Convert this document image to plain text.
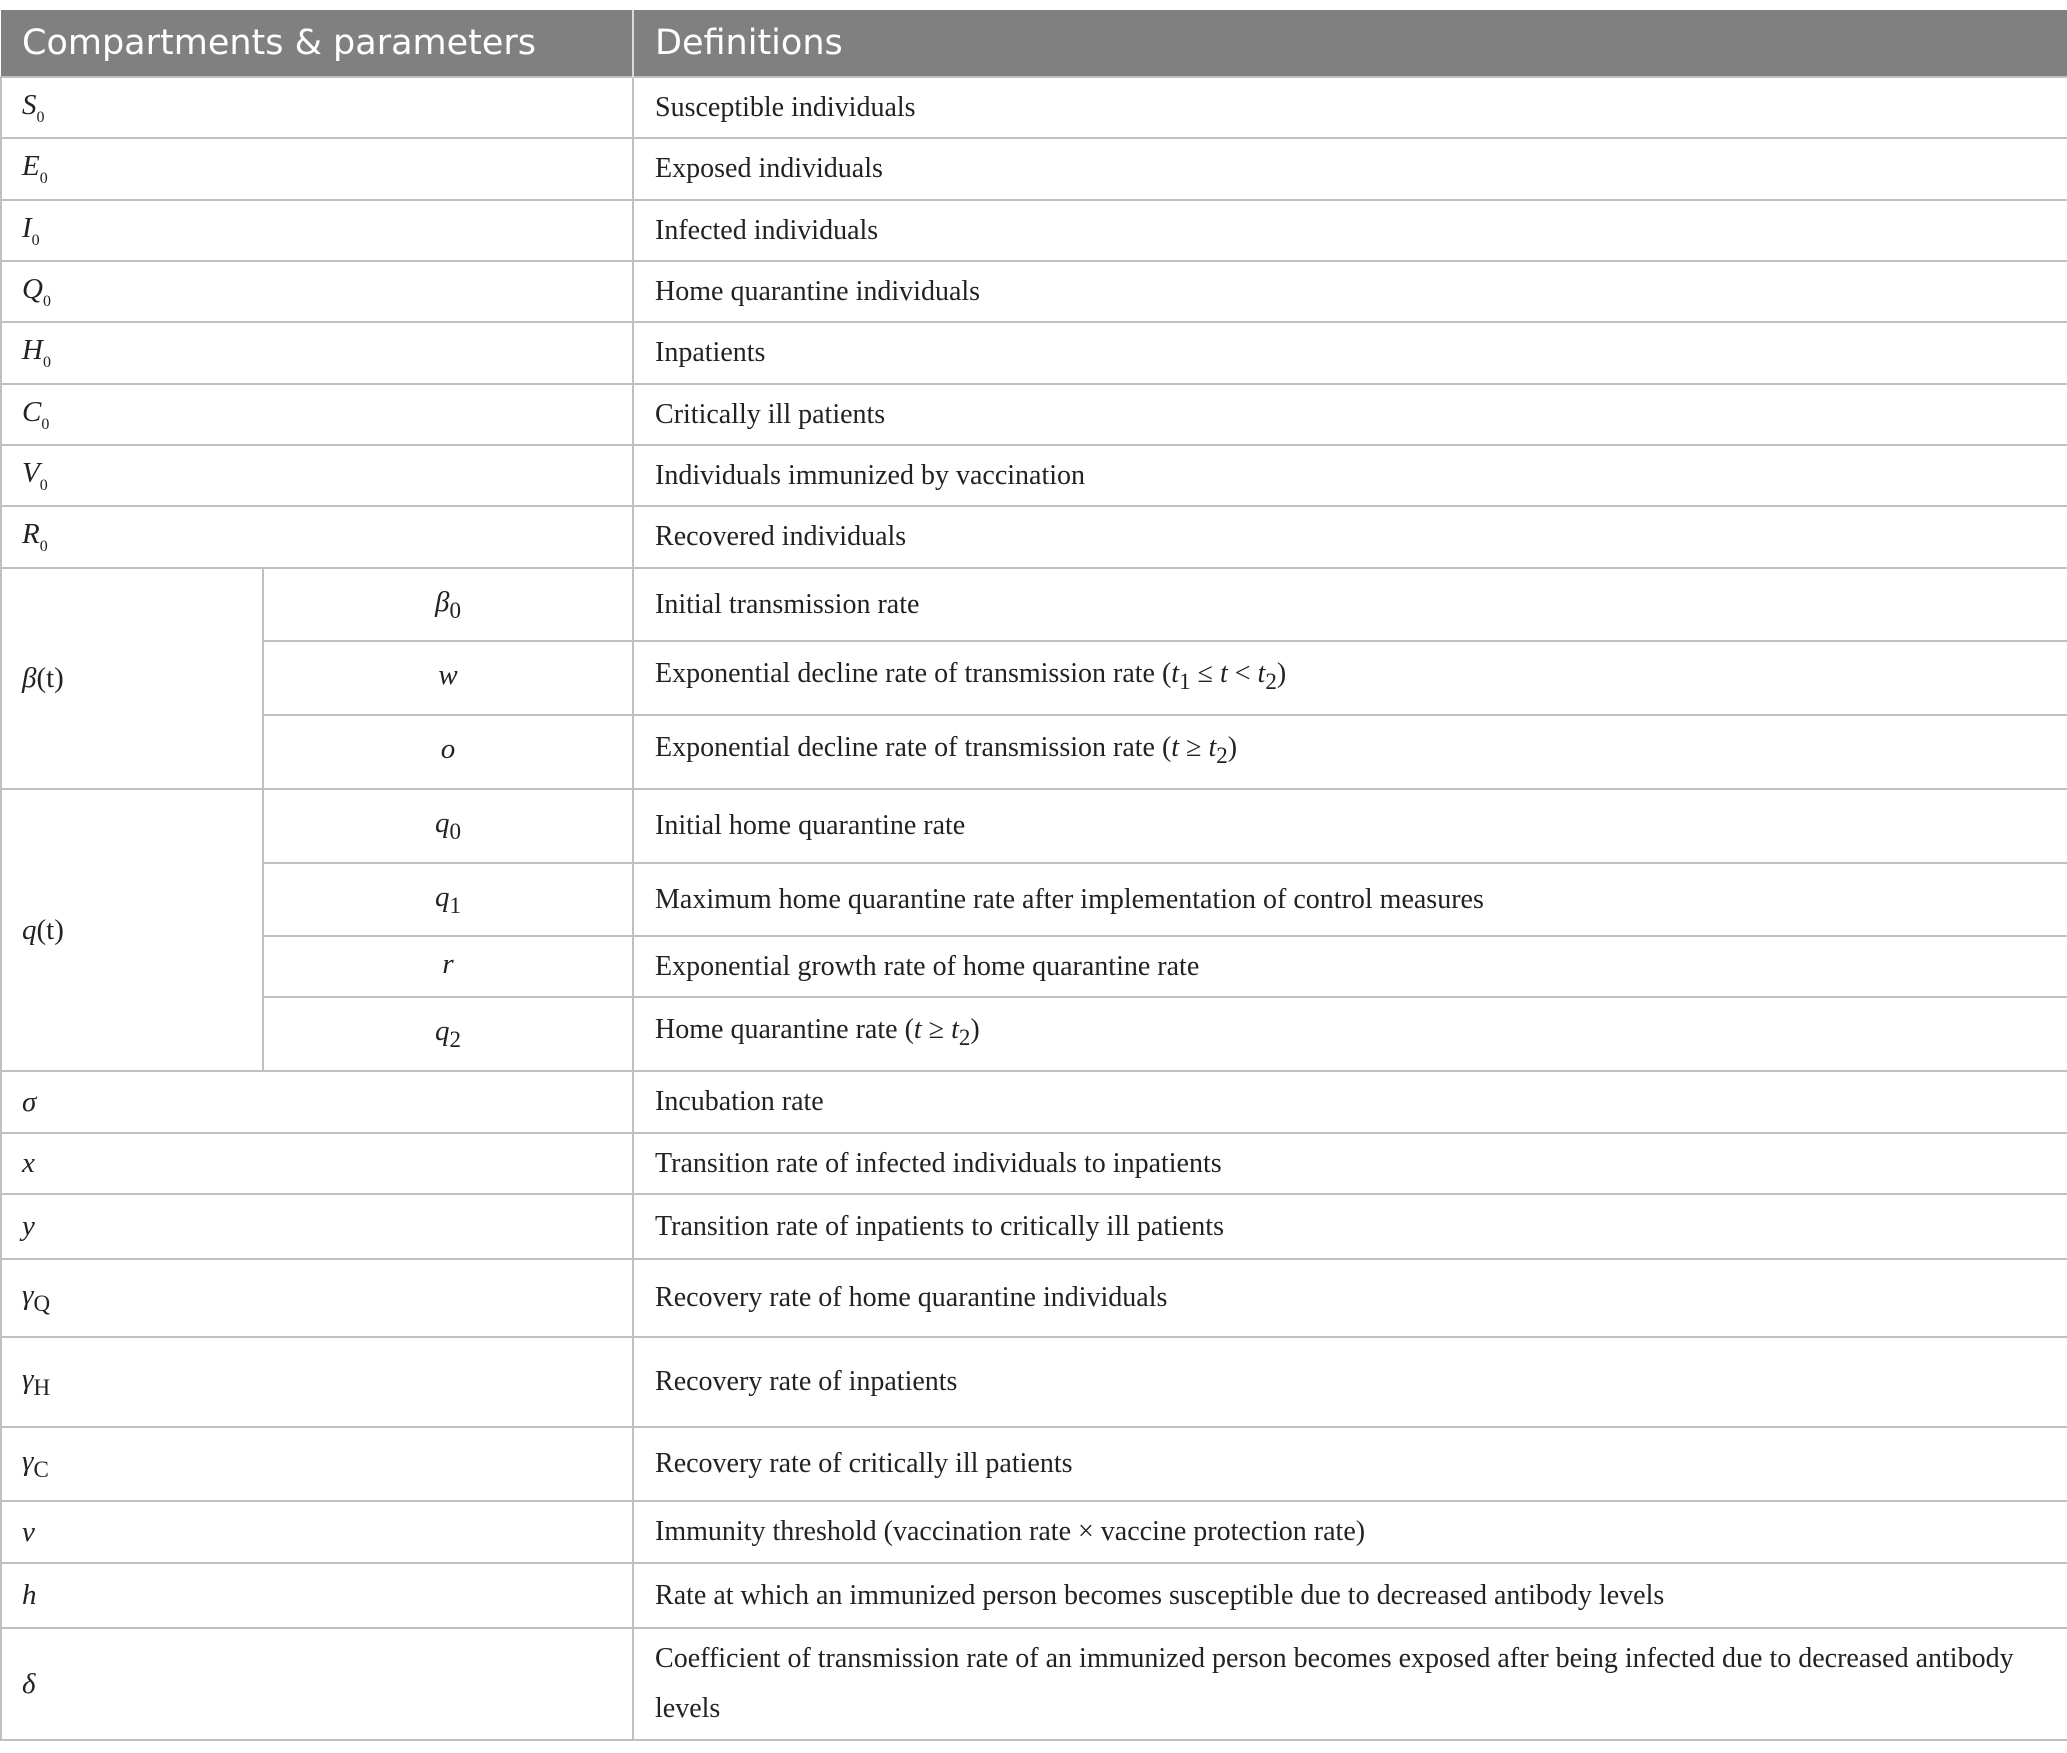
Compartments & parameters		Definitions
$S_0$		Susceptible individuals
$E_0$		Exposed individuals
$I_0$		Infected individuals
$Q_0$		Home quarantine individuals
$H_0$		Inpatients
$C_0$		Critically ill patients
$V_0$		Individuals immunized by vaccination
$R_0$		Recovered individuals
β(t)	$\beta_0$	Initial transmission rate
	w	Exponential decline rate of transmission rate $(t_1 \le t < t_2)$
	o	Exponential decline rate of transmission rate $(t \ge t_2)$
q(t)	$q_0$	Initial home quarantine rate
	$q_1$	Maximum home quarantine rate after implementation of control measures
	r	Exponential growth rate of home quarantine rate
	$q_2$	Home quarantine rate $(t \ge t_2)$
σ		Incubation rate
x		Transition rate of infected individuals to inpatients
y		Transition rate of inpatients to critically ill patients
$\gamma_Q$		Recovery rate of home quarantine individuals
$\gamma_H$		Recovery rate of inpatients
$\gamma_C$		Recovery rate of critically ill patients
v		Immunity threshold (vaccination rate × vaccine protection rate)
h		Rate at which an immunized person becomes susceptible due to decreased antibody levels
δ		Coefficient of transmission rate of an immunized person becomes exposed after being infected due to decreased antibody levels
